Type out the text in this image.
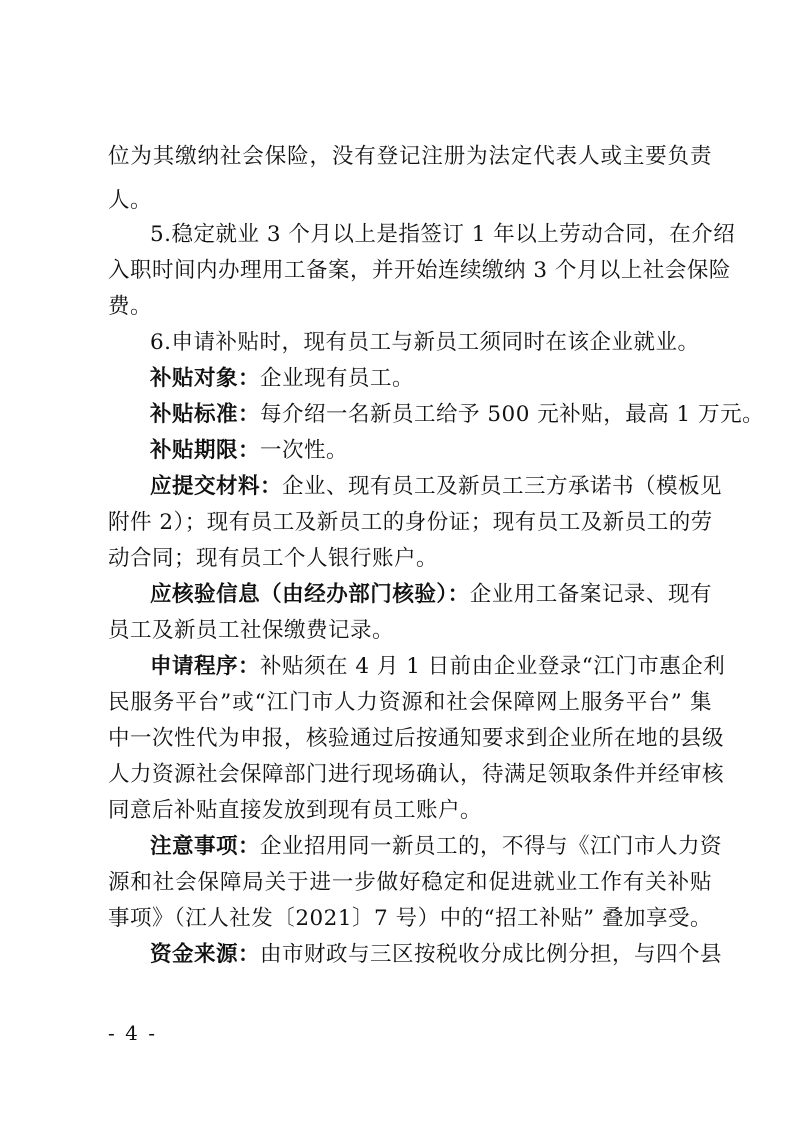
位为其缴纳社会保险，没有登记注册为法定代表人或主要负责
人。
5.稳定就业 3 个月以上是指签订 1 年以上劳动合同，在介绍
入职时间内办理用工备案，并开始连续缴纳 3 个月以上社会保险
费。
6.申请补贴时，现有员工与新员工须同时在该企业就业。
补贴对象：企业现有员工。
补贴标准：每介绍一名新员工给予 500 元补贴，最高 1 万元。
补贴期限：一次性。
应提交材料：企业、现有员工及新员工三方承诺书（模板见
附件 2）；现有员工及新员工的身份证；现有员工及新员工的劳
动合同；现有员工个人银行账户。
应核验信息（由经办部门核验）：企业用工备案记录、现有
员工及新员工社保缴费记录。
申请程序：补贴须在 4 月 1 日前由企业登录“江门市惠企利
民服务平台”或“江门市人力资源和社会保障网上服务平台” 集
中一次性代为申报，核验通过后按通知要求到企业所在地的县级
人力资源社会保障部门进行现场确认，待满足领取条件并经审核
同意后补贴直接发放到现有员工账户。
注意事项：企业招用同一新员工的，不得与《江门市人力资
源和社会保障局关于进一步做好稳定和促进就业工作有关补贴
事项》（江人社发〔2021〕7 号）中的“招工补贴” 叠加享受。
资金来源：由市财政与三区按税收分成比例分担，与四个县
- 4 -
